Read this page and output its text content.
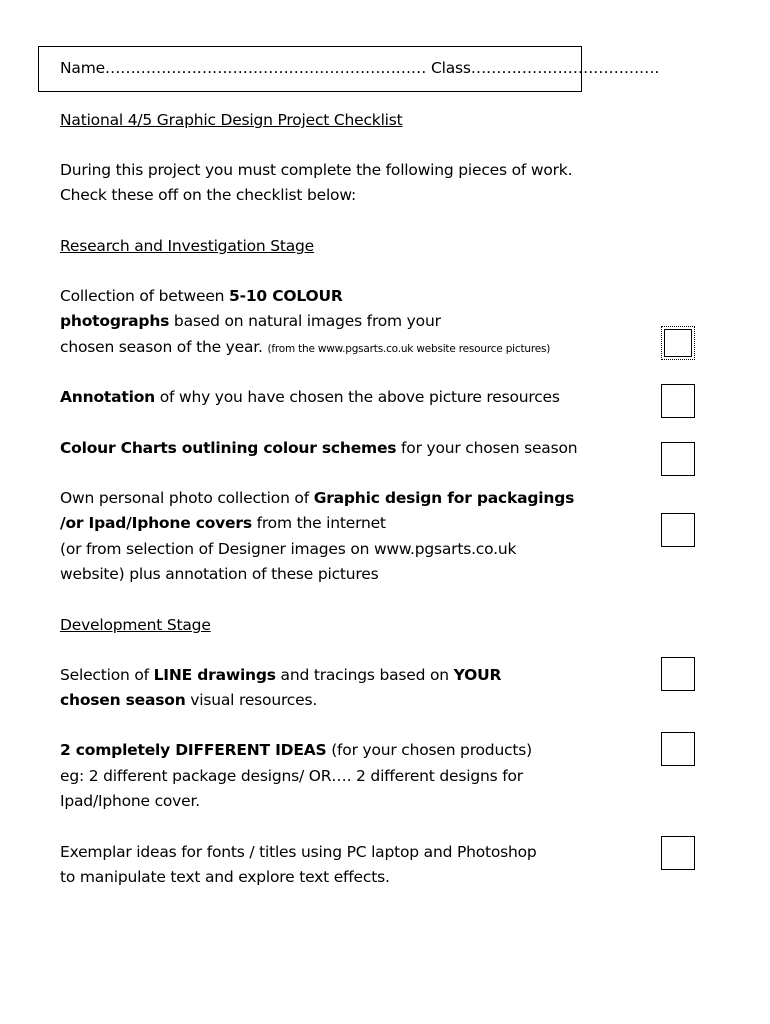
Name……………………………………………………… Class……………………………….
National 4/5 Graphic Design Project Checklist
During this project you must complete the following pieces of work.
Check these off on the checklist below:
Research and Investigation Stage
Collection of between 5-10 COLOUR
photographs based on natural images from your
chosen season of the year. (from the www.pgsarts.co.uk website resource pictures)
Annotation of why you have chosen the above picture resources
Colour Charts outlining colour schemes for your chosen season
Own personal photo collection of Graphic design for packagings
/or Ipad/Iphone covers from the internet
(or from selection of Designer images on www.pgsarts.co.uk
website) plus annotation of these pictures
Development Stage
Selection of LINE drawings and tracings based on YOUR
chosen season visual resources.
2 completely DIFFERENT IDEAS (for your chosen products)
eg: 2 different package designs/ OR…. 2 different designs for
Ipad/Iphone cover.
Exemplar ideas for fonts / titles using PC laptop and Photoshop
to manipulate text and explore text effects.
